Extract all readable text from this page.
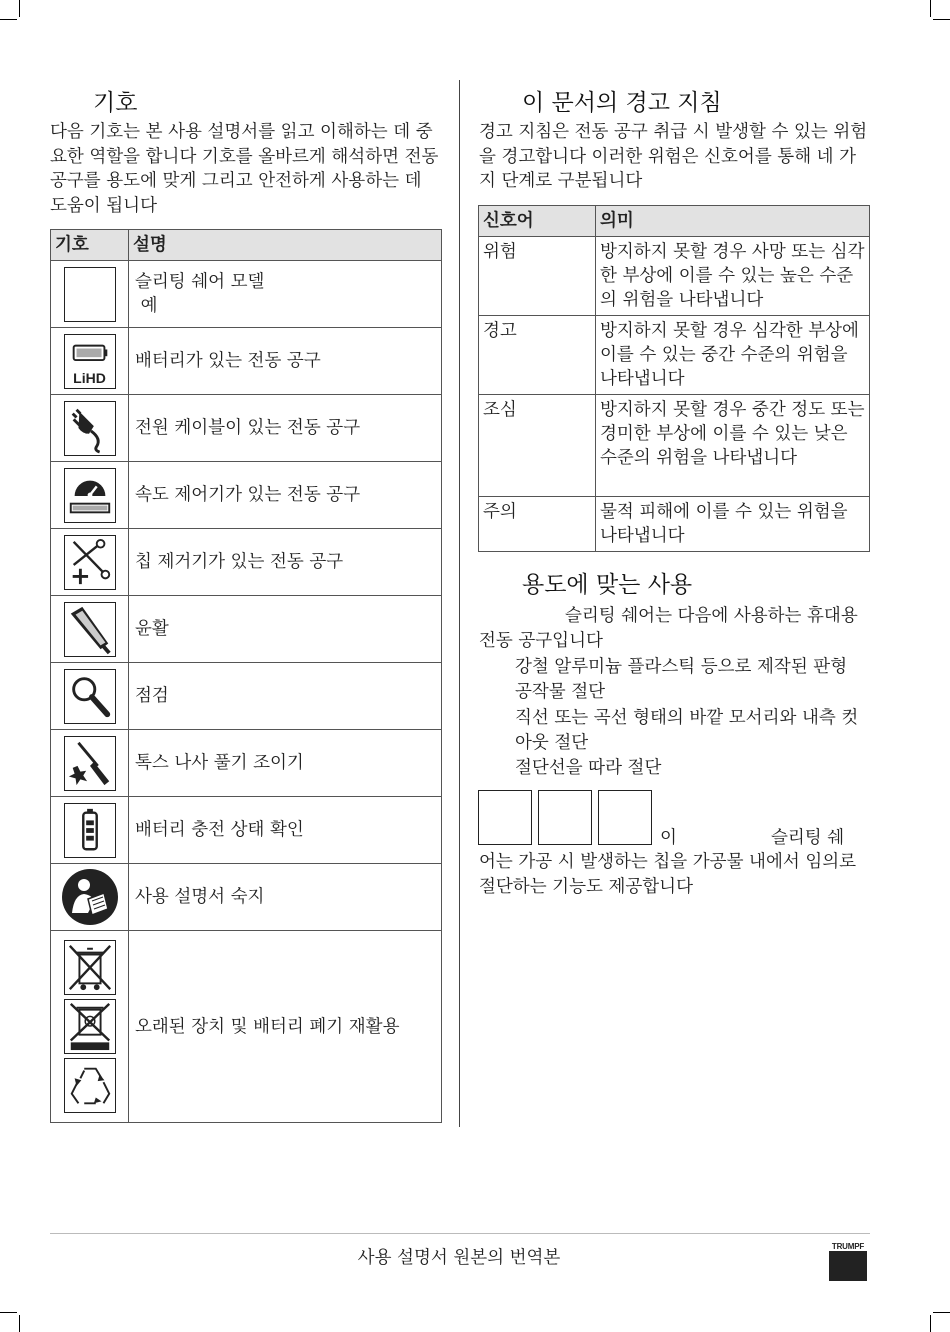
기호
다음 기호는 본 사용 설명서를 읽고 이해하는 데 중요한 역할을 합니다 기호를 올바르게 해석하면 전동 공구를 용도에 맞게 그리고 안전하게 사용하는 데 도움이 됩니다
기호	설명

	슬리팅 쉐어 모델
예

LiHD	배터리가 있는 전동 공구

	전원 케이블이 있는 전동 공구

	속도 제어기가 있는 전동 공구

	칩 제거기가 있는 전동 공구

	윤활

	점검

	톡스 나사 풀기 조이기

	배터리 충전 상태 확인

	사용 설명서 숙지

	오래된 장치 및 배터리 폐기 재활용
이 문서의 경고 지침
경고 지침은 전동 공구 취급 시 발생할 수 있는 위험을 경고합니다 이러한 위험은 신호어를 통해 네 가지 단계로 구분됩니다
신호어	의미
위험	방지하지 못할 경우 사망 또는 심각한 부상에 이를 수 있는 높은 수준의 위험을 나타냅니다
경고	방지하지 못할 경우 심각한 부상에 이를 수 있는 중간 수준의 위험을 나타냅니다
조심	방지하지 못할 경우 중간 정도 또는 경미한 부상에 이를 수 있는 낮은 수준의 위험을 나타냅니다
주의	물적 피해에 이를 수 있는 위험을 나타냅니다
용도에 맞는 사용
슬리팅 쉐어는 다음에 사용하는 휴대용 전동 공구입니다
강철 알루미늄 플라스틱 등으로 제작된 판형 공작물 절단
직선 또는 곡선 형태의 바깥 모서리와 내측 컷아웃 절단
절단선을 따라 절단
이	슬리팅 쉐
어는 가공 시 발생하는 칩을 가공물 내에서 임의로 절단하는 기능도 제공합니다
사용 설명서 원본의 번역본
TRUMPF
